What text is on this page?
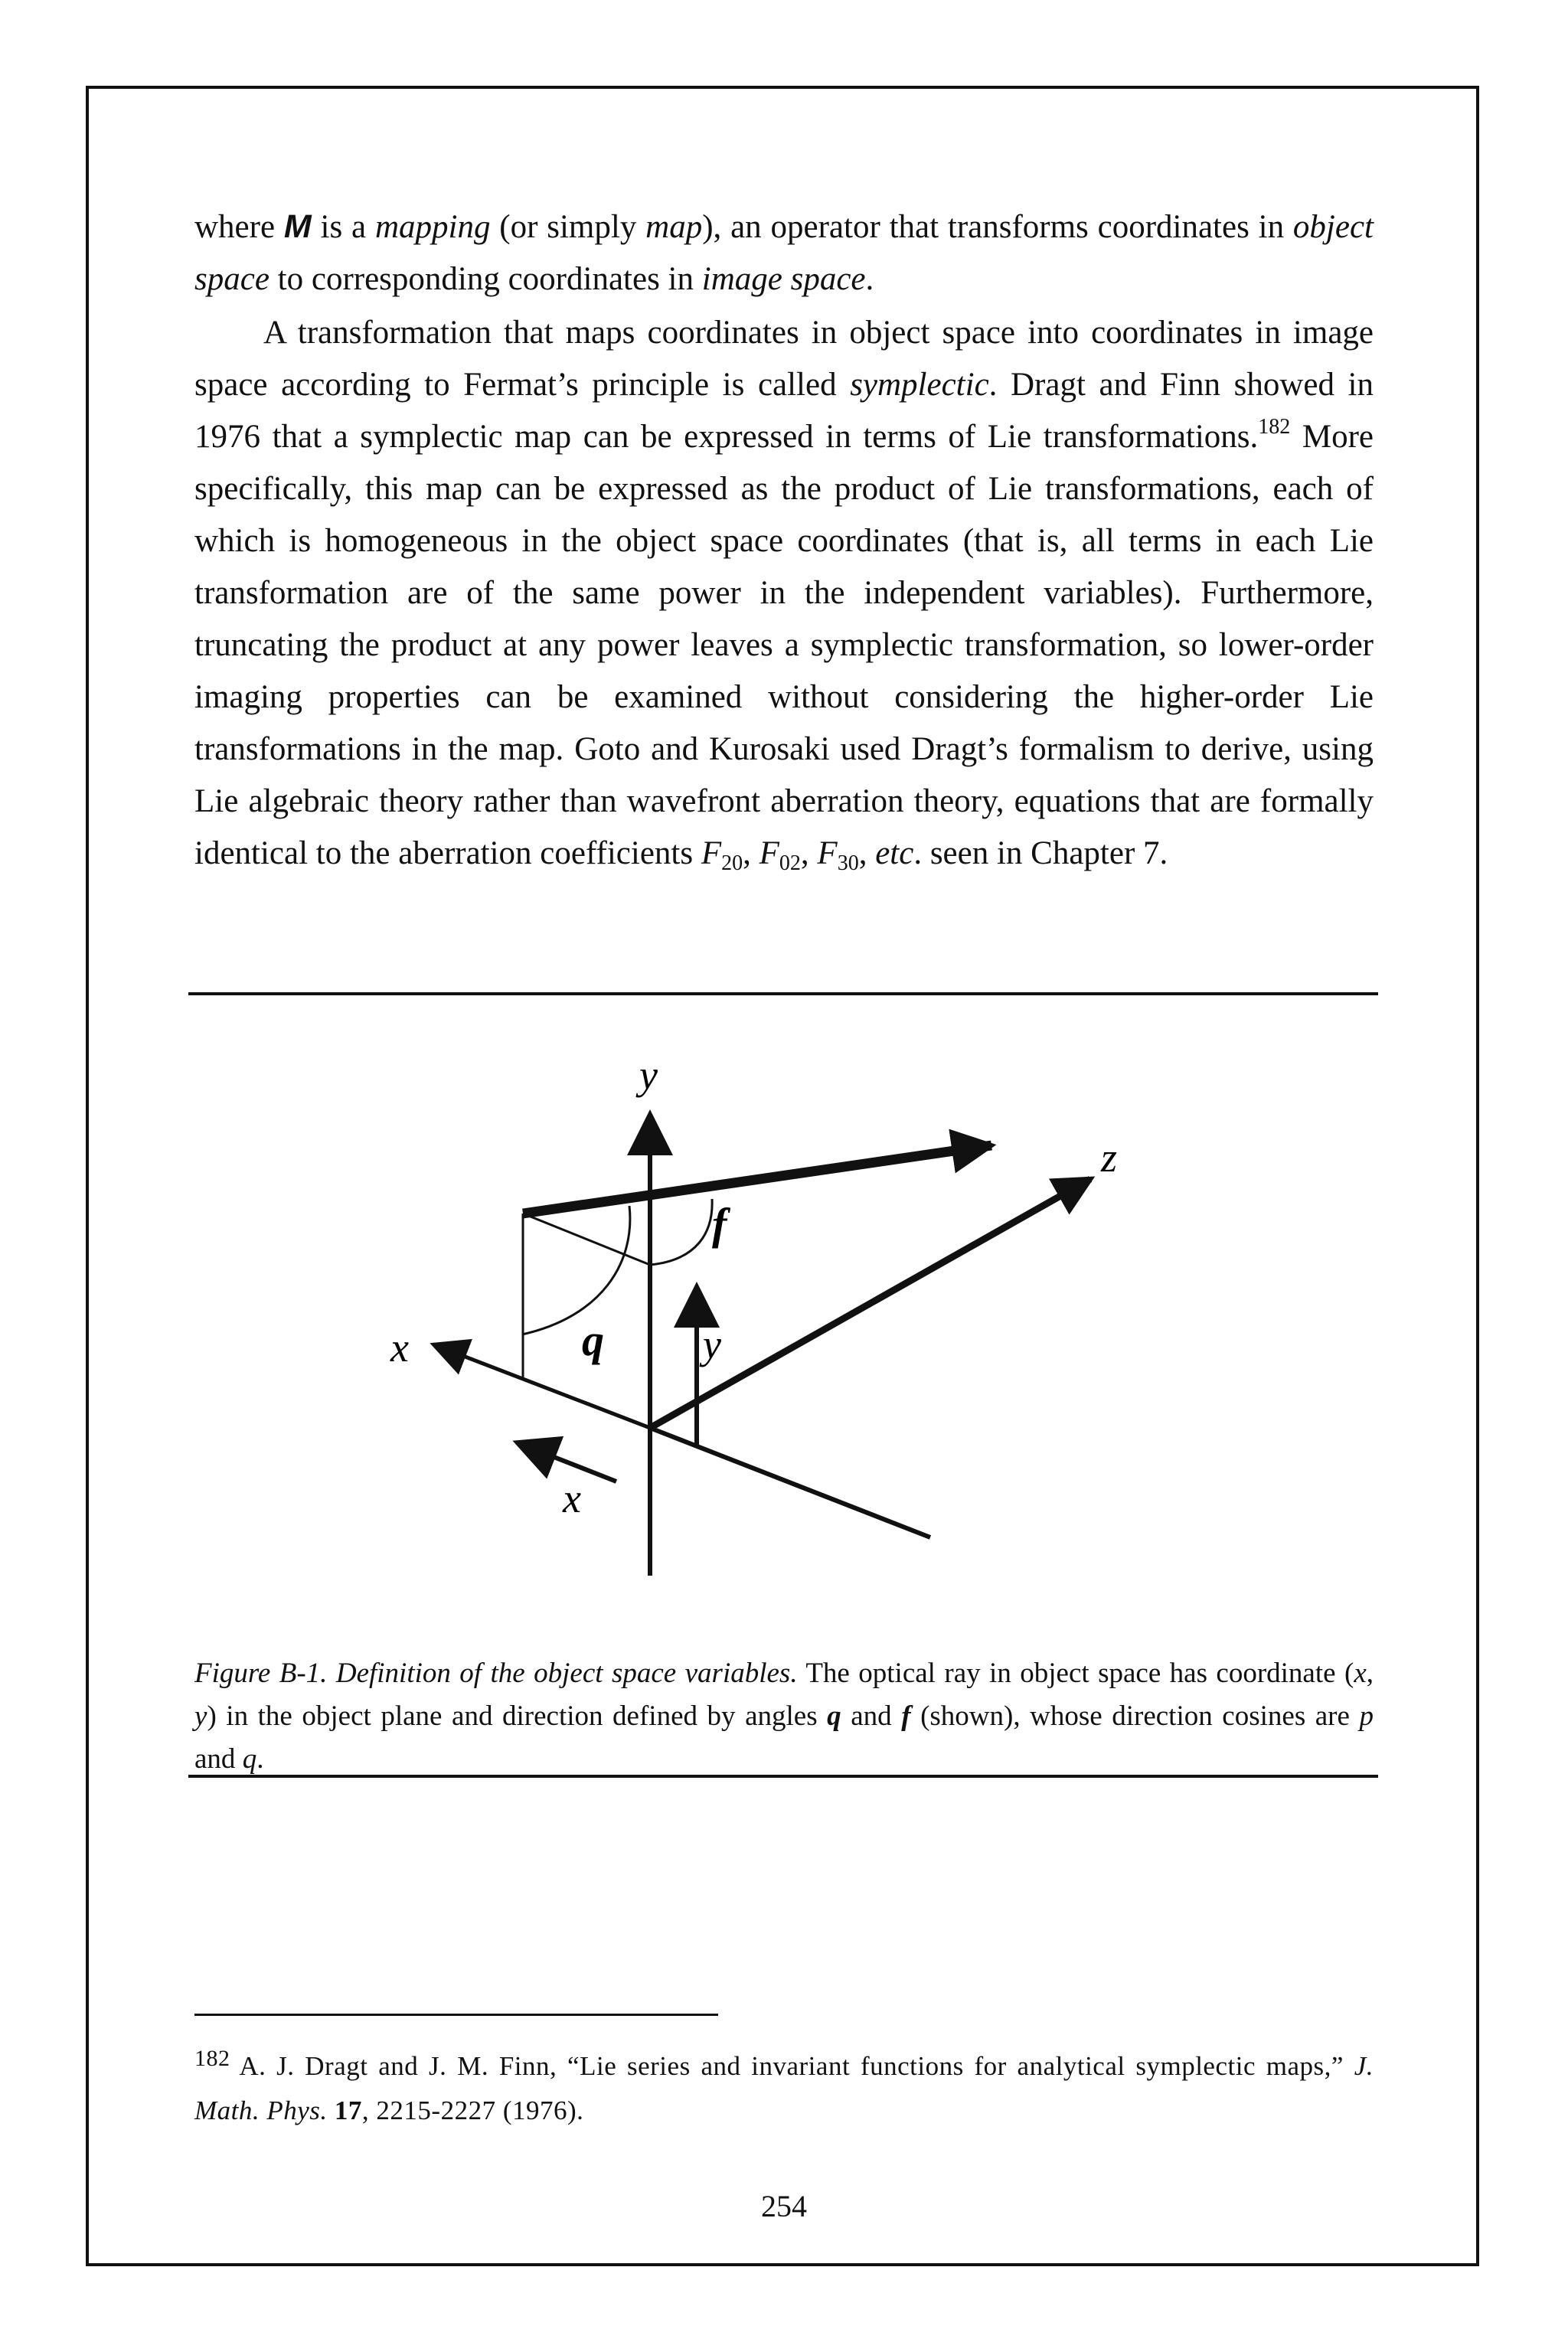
where M is a mapping (or simply map), an operator that transforms coordinates in object space to corresponding coordinates in image space.

A transformation that maps coordinates in object space into coordinates in image space according to Fermat’s principle is called symplectic. Dragt and Finn showed in 1976 that a symplectic map can be expressed in terms of Lie transformations.$^{182}$ More specifically, this map can be expressed as the product of Lie transformations, each of which is homogeneous in the object space coordinates (that is, all terms in each Lie transformation are of the same power in the independent variables). Furthermore, truncating the product at any power leaves a symplectic transformation, so lower-order imaging properties can be examined without considering the higher-order Lie transformations in the map. Goto and Kurosaki used Dragt’s formalism to derive, using Lie algebraic theory rather than wavefront aberration theory, equations that are formally identical to the aberration coefficients $F_{20}$, $F_{02}$, $F_{30}$, etc. seen in Chapter 7.

y
z
x
f
q y
x
Figure B-1. Definition of the object space variables. The optical ray in object space has coordinate (x, y) in the object plane and direction defined by angles q and f (shown), whose direction cosines are p and q.
182 A. J. Dragt and J. M. Finn, “Lie series and invariant functions for analytical symplectic maps,” J. Math. Phys. 17, 2215-2227 (1976).
254
